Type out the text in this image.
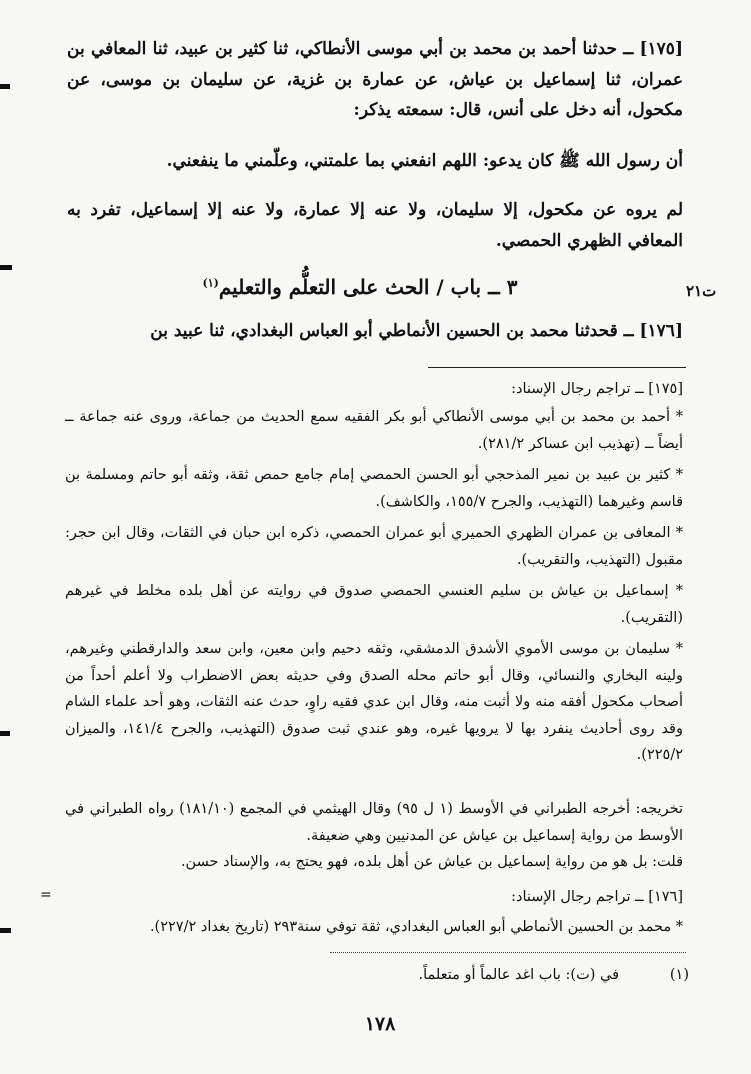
[١٧٥] ــ حدثنا أحمد بن محمد بن أبي موسى الأنطاكي، ثنا كثير بن عبيد، ثنا المعافي بن عمران، ثنا إسماعيل بن عياش، عن عمارة بن غزية، عن سليمان بن موسى، عن مكحول، أنه دخل على أنس، قال: سمعته يذكر:
أن رسول الله ﷺ كان يدعو: اللهم انفعني بما علمتني، وعلّمني ما ينفعني.
لم يروه عن مكحول، إلا سليمان، ولا عنه إلا عمارة، ولا عنه إلا إسماعيل، تفرد به المعافي الظهري الحمصي.
٣ ــ باب / الحث على التعلُّم والتعليم$^{(١)}$	ت٢١
[١٧٦] ــ قحدثنا محمد بن الحسين الأنماطي أبو العباس البغدادي، ثنا عبيد بن
[١٧٥] ــ تراجم رجال الإسناد:
* أحمد بن محمد بن أبي موسى الأنطاكي أبو بكر الفقيه سمع الحديث من جماعة، وروى عنه جماعة ــ أيضاً ــ (تهذيب ابن عساكر ٢٨١/٢).
* كثير بن عبيد بن نمير المذحجي أبو الحسن الحمصي إمام جامع حمص ثقة، وثقه أبو حاتم ومسلمة بن قاسم وغيرهما (التهذيب، والجرح ١٥٥/٧، والكاشف).
* المعافى بن عمران الظهري الحميري أبو عمران الحمصي، ذكره ابن حبان في الثقات، وقال ابن حجر: مقبول (التهذيب، والتقريب).
* إسماعيل بن عياش بن سليم العنسي الحمصي صدوق في روايته عن أهل بلده مخلط في غيرهم (التقريب).
* سليمان بن موسى الأموي الأشدق الدمشقي، وثقه دحيم وابن معين، وابن سعد والدارقطني وغيرهم، ولينه البخاري والنسائي، وقال أبو حاتم محله الصدق وفي حديثه بعض الاضطراب ولا أعلم أحداً من أصحاب مكحول أفقه منه ولا أثبت منه، وقال ابن عدي فقيه راوٍ، حدث عنه الثقات، وهو أحد علماء الشام وقد روى أحاديث ينفرد بها لا يرويها غيره، وهو عندي ثبت صدوق (التهذيب، والجرح ١٤١/٤، والميزان ٢٢٥/٢).
تخريجه: أخرجه الطبراني في الأوسط (١ ل ٩٥) وقال الهيثمي في المجمع (١٨١/١٠) رواه الطبراني في الأوسط من رواية إسماعيل بن عياش عن المدنيين وهي ضعيفة.
قلت: بل هو من رواية إسماعيل بن عياش عن أهل بلده، فهو يحتج به، والإسناد حسن.
[١٧٦] ــ تراجم رجال الإسناد:
* محمد بن الحسين الأنماطي أبو العباس البغدادي، ثقة توفي سنة٢٩٣ (تاريخ بغداد ٢٢٧/٢).
(١)
في (ت): باب اغد عالماً أو متعلماً.
١٧٨
=
